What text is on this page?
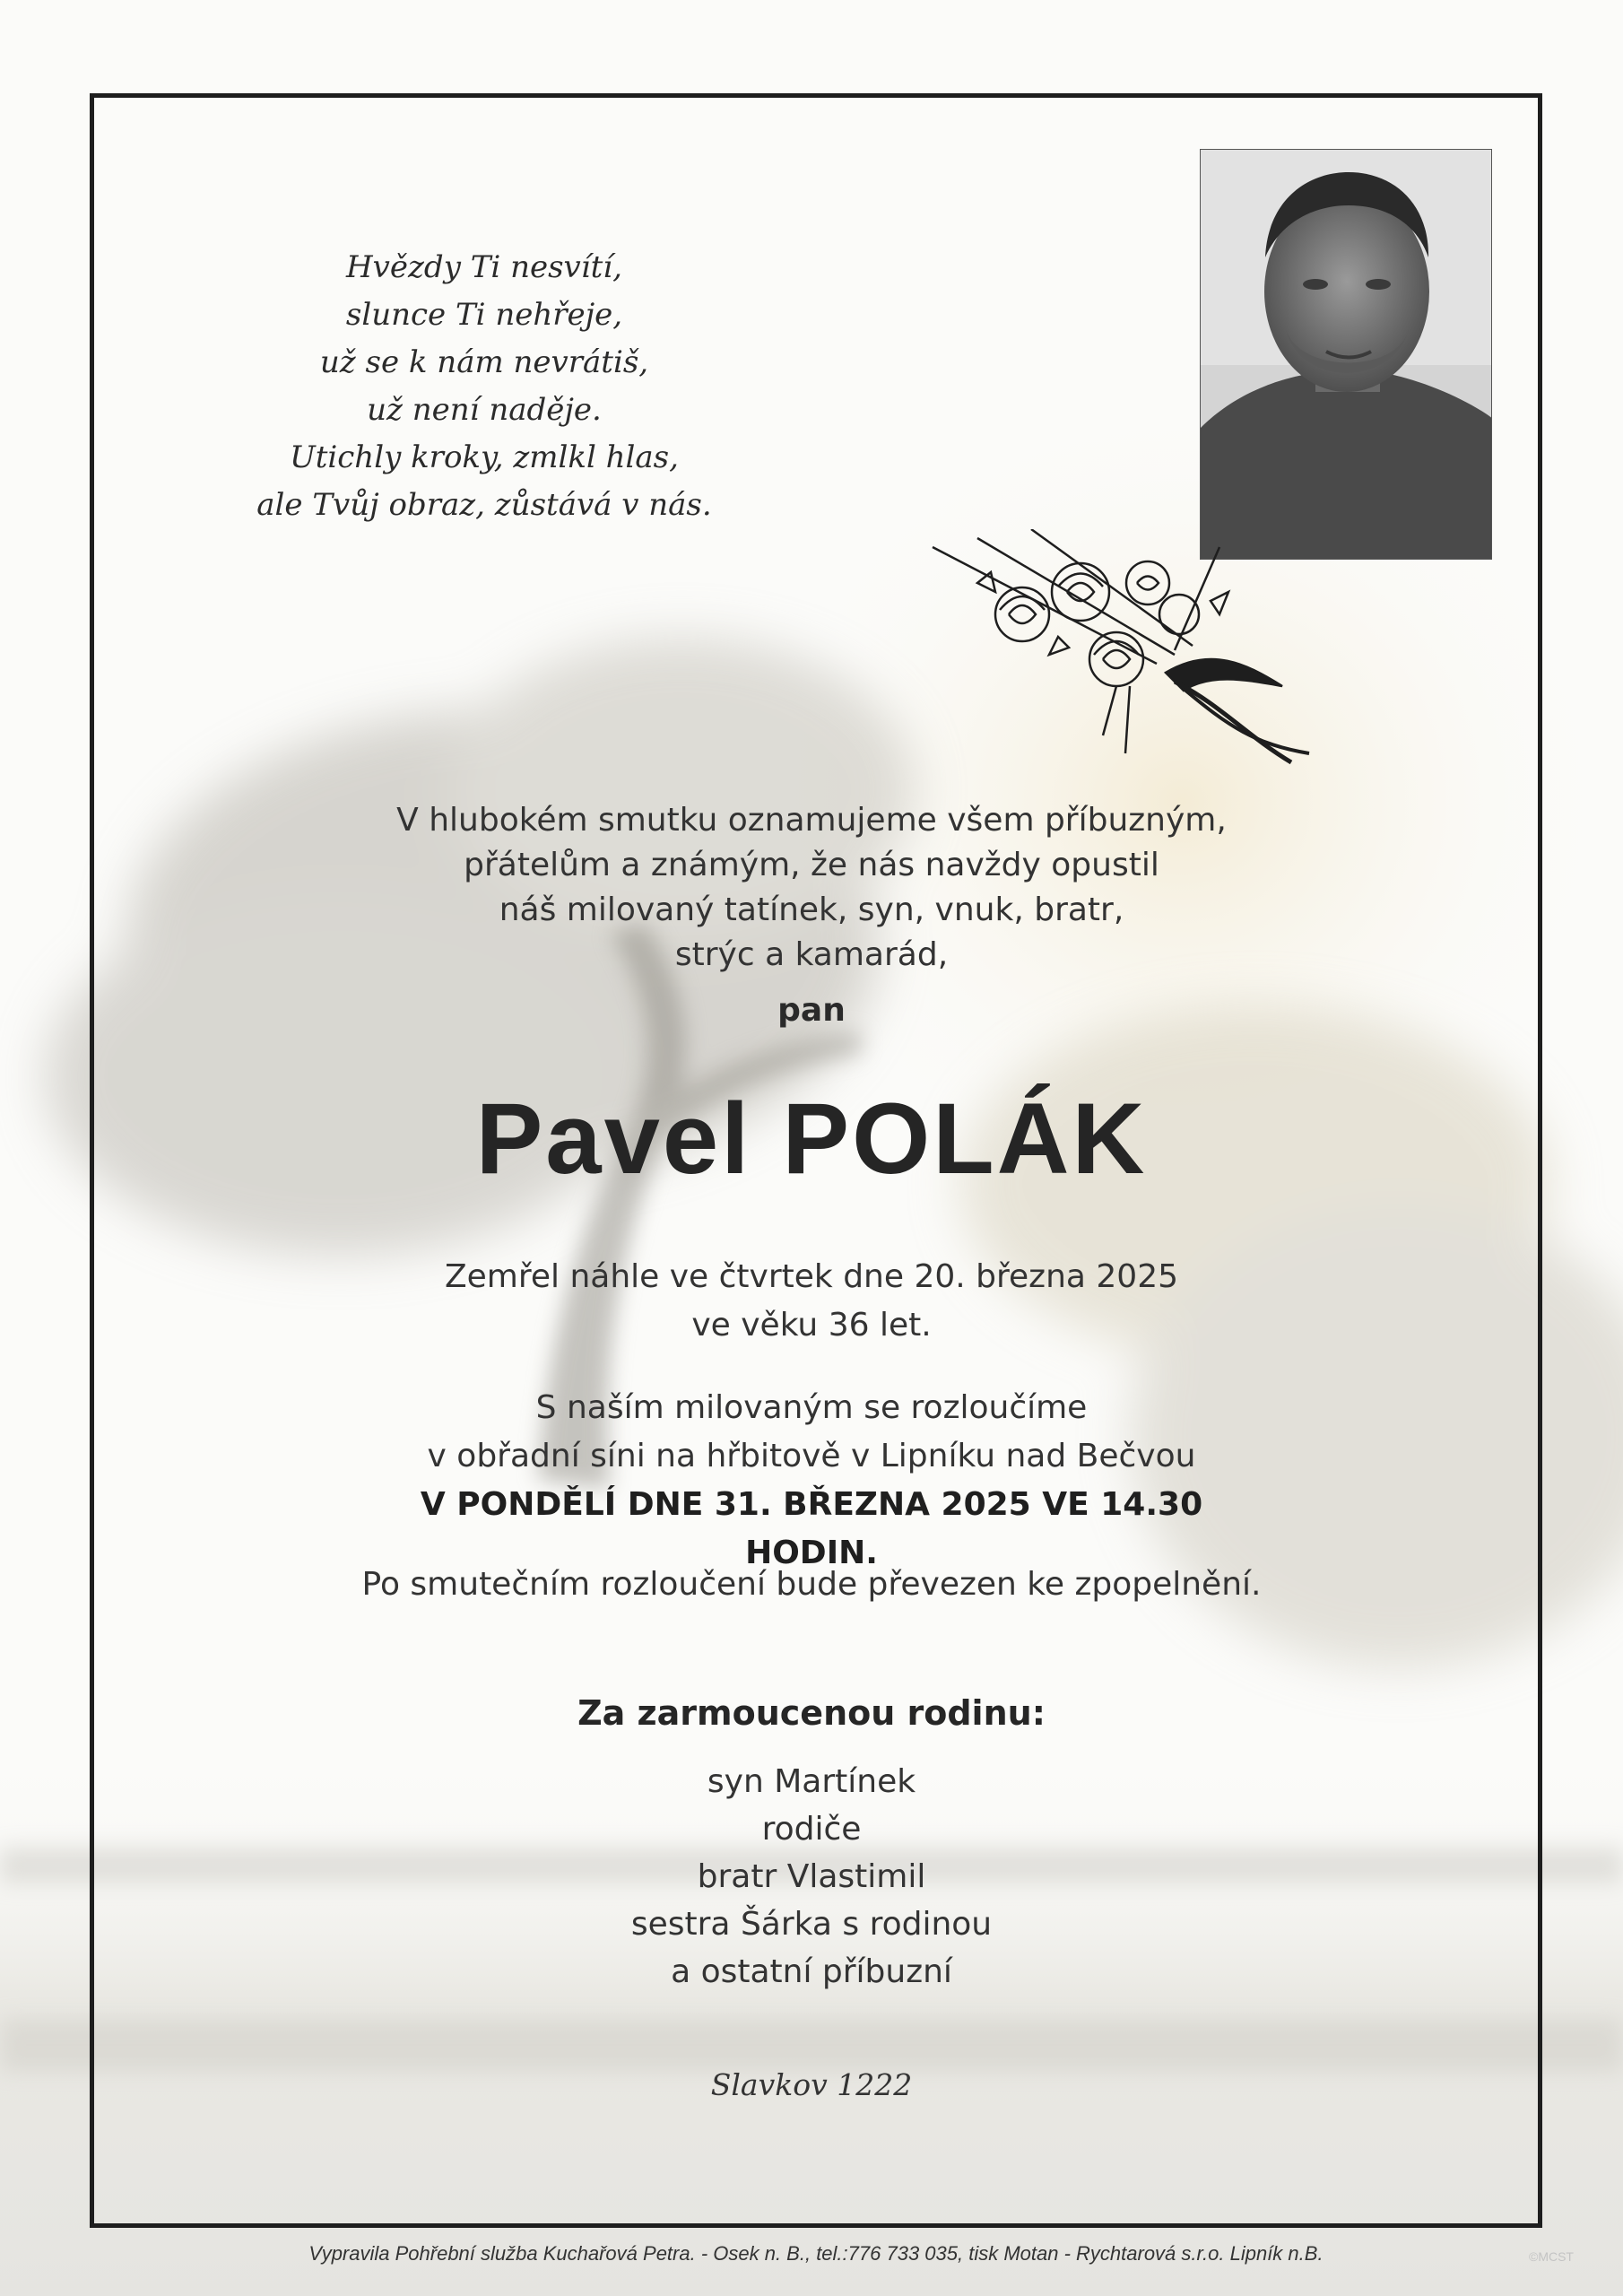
Hvězdy Ti nesvítí,
slunce Ti nehřeje,
už se k nám nevrátiš,
už není naděje.
Utichly kroky, zmlkl hlas,
ale Tvůj obraz, zůstává v nás.
V hlubokém smutku oznamujeme všem příbuzným,
přátelům a známým, že nás navždy opustil
náš milovaný tatínek, syn, vnuk, bratr,
strýc a kamarád,
pan
Pavel POLÁK
Zemřel náhle ve čtvrtek dne 20. března 2025
ve věku 36 let.
S naším milovaným se rozloučíme
v obřadní síni na hřbitově v Lipníku nad Bečvou
V PONDĚLÍ DNE 31. BŘEZNA 2025 VE 14.30 HODIN.
Po smutečním rozloučení bude převezen ke zpopelnění.
Za zarmoucenou rodinu:
syn Martínek
rodiče
bratr Vlastimil
sestra Šárka s rodinou
a ostatní příbuzní
Slavkov 1222
Vypravila Pohřební služba Kuchařová Petra. - Osek n. B., tel.:776 733 035, tisk Motan - Rychtarová s.r.o. Lipník n.B.	©MCST
